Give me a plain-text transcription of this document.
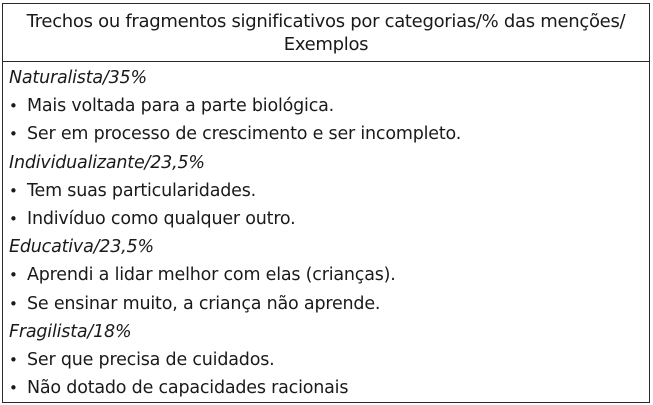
Trechos ou fragmentos significativos por categorias/% das menções/
Exemplos
Naturalista/35%
• Mais voltada para a parte biológica.
• Ser em processo de crescimento e ser incompleto.
Individualizante/23,5%
• Tem suas particularidades.
• Indivíduo como qualquer outro.
Educativa/23,5%
• Aprendi a lidar melhor com elas (crianças).
• Se ensinar muito, a criança não aprende.
Fragilista/18%
• Ser que precisa de cuidados.
• Não dotado de capacidades racionais
